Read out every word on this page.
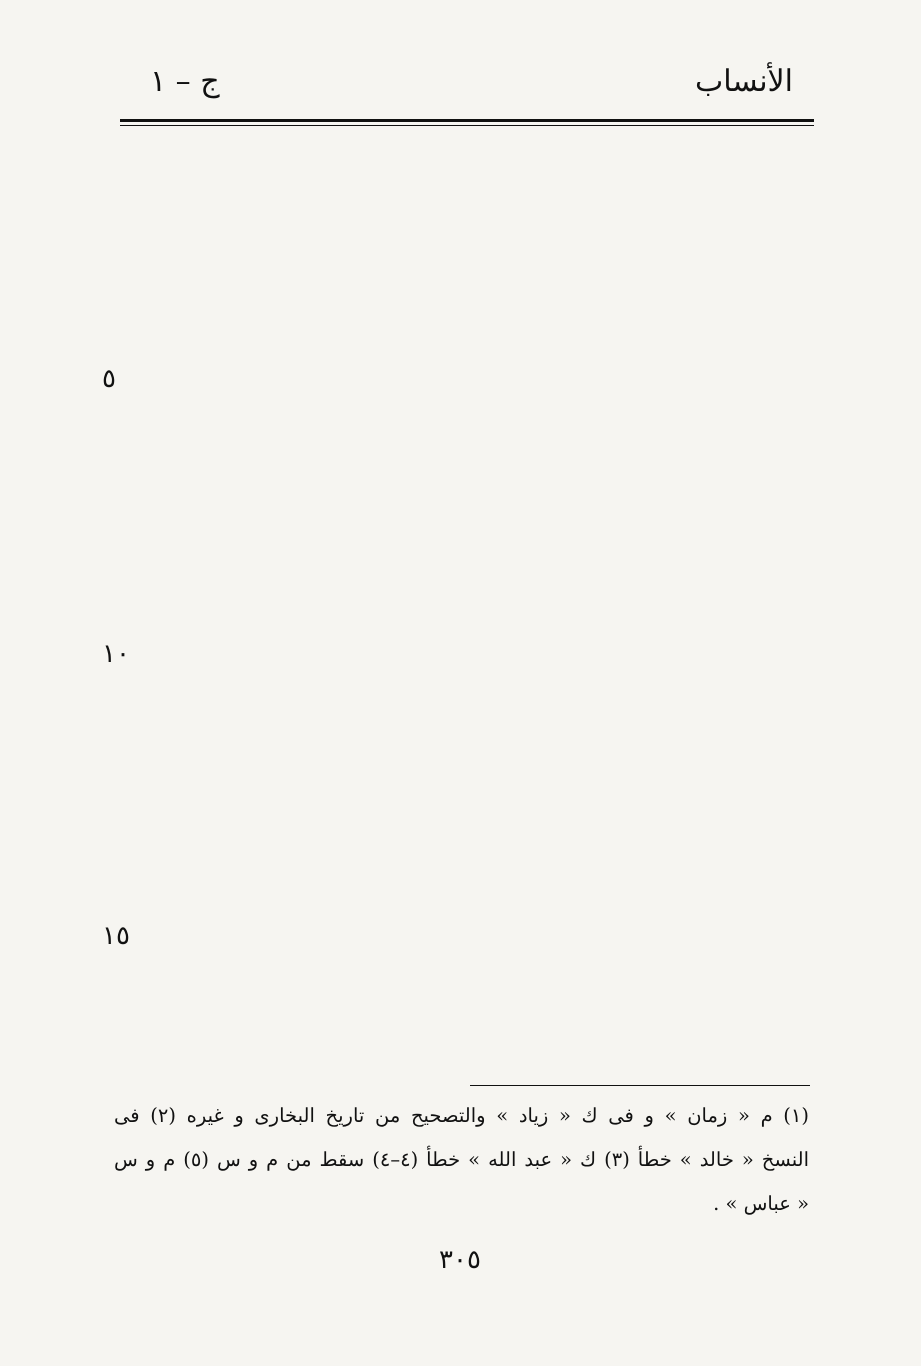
الأنساب
ج – ١
٥
١٠
١٥
(١) م « زمان » و فى ك « زياد » والتصحيح من تاريخ البخارى و غيره (٢) فى
النسخ « خالد » خطأ (٣) ك « عبد الله » خطأ (٤–٤) سقط من م و س (٥) م و س
« عباس » .
٣٠٥
